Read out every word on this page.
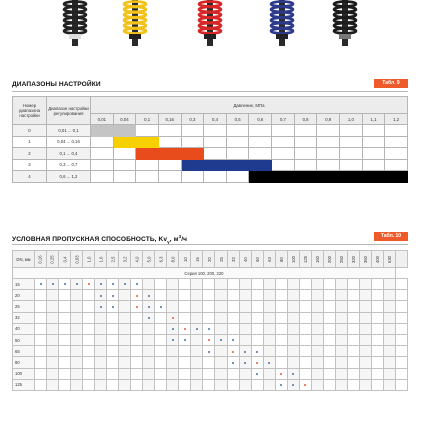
ДИАПАЗОНЫ НАСТРОЙКИ	Табл. 9
Номер диапазона настройки	Диапазон настройки регулирования	Давление, МПа													
		0,01	0,04	0,1	0,16	0,3	0,4	0,5	0,6	0,7	0,8	0,9	1,0	1,1	1,2
0	0,01 ... 0,1														
1	0,04 ... 0,16														
2	0,1 ... 0,4														
3	0,3 ... 0,7														
4	0,6 ... 1,2														
УСЛОВНАЯ ПРОПУСКНАЯ СПОСОБНОСТЬ, $Kv_у$, $м^3/ч$
Табл. 10
DN, мм	0,16	0,25	0,4	0,63	1,0	1,6	2,5	3,2	4,0	5,0	6,3	8,0	10	16	20	25	32	40	50	63	80	100	125	160	200	250	320	360	400	630	
Серия 100, 200, 220																															
15																															
20																															
25																															
32																															
40																															
50																															
65																															
80																															
100																															
125																															
